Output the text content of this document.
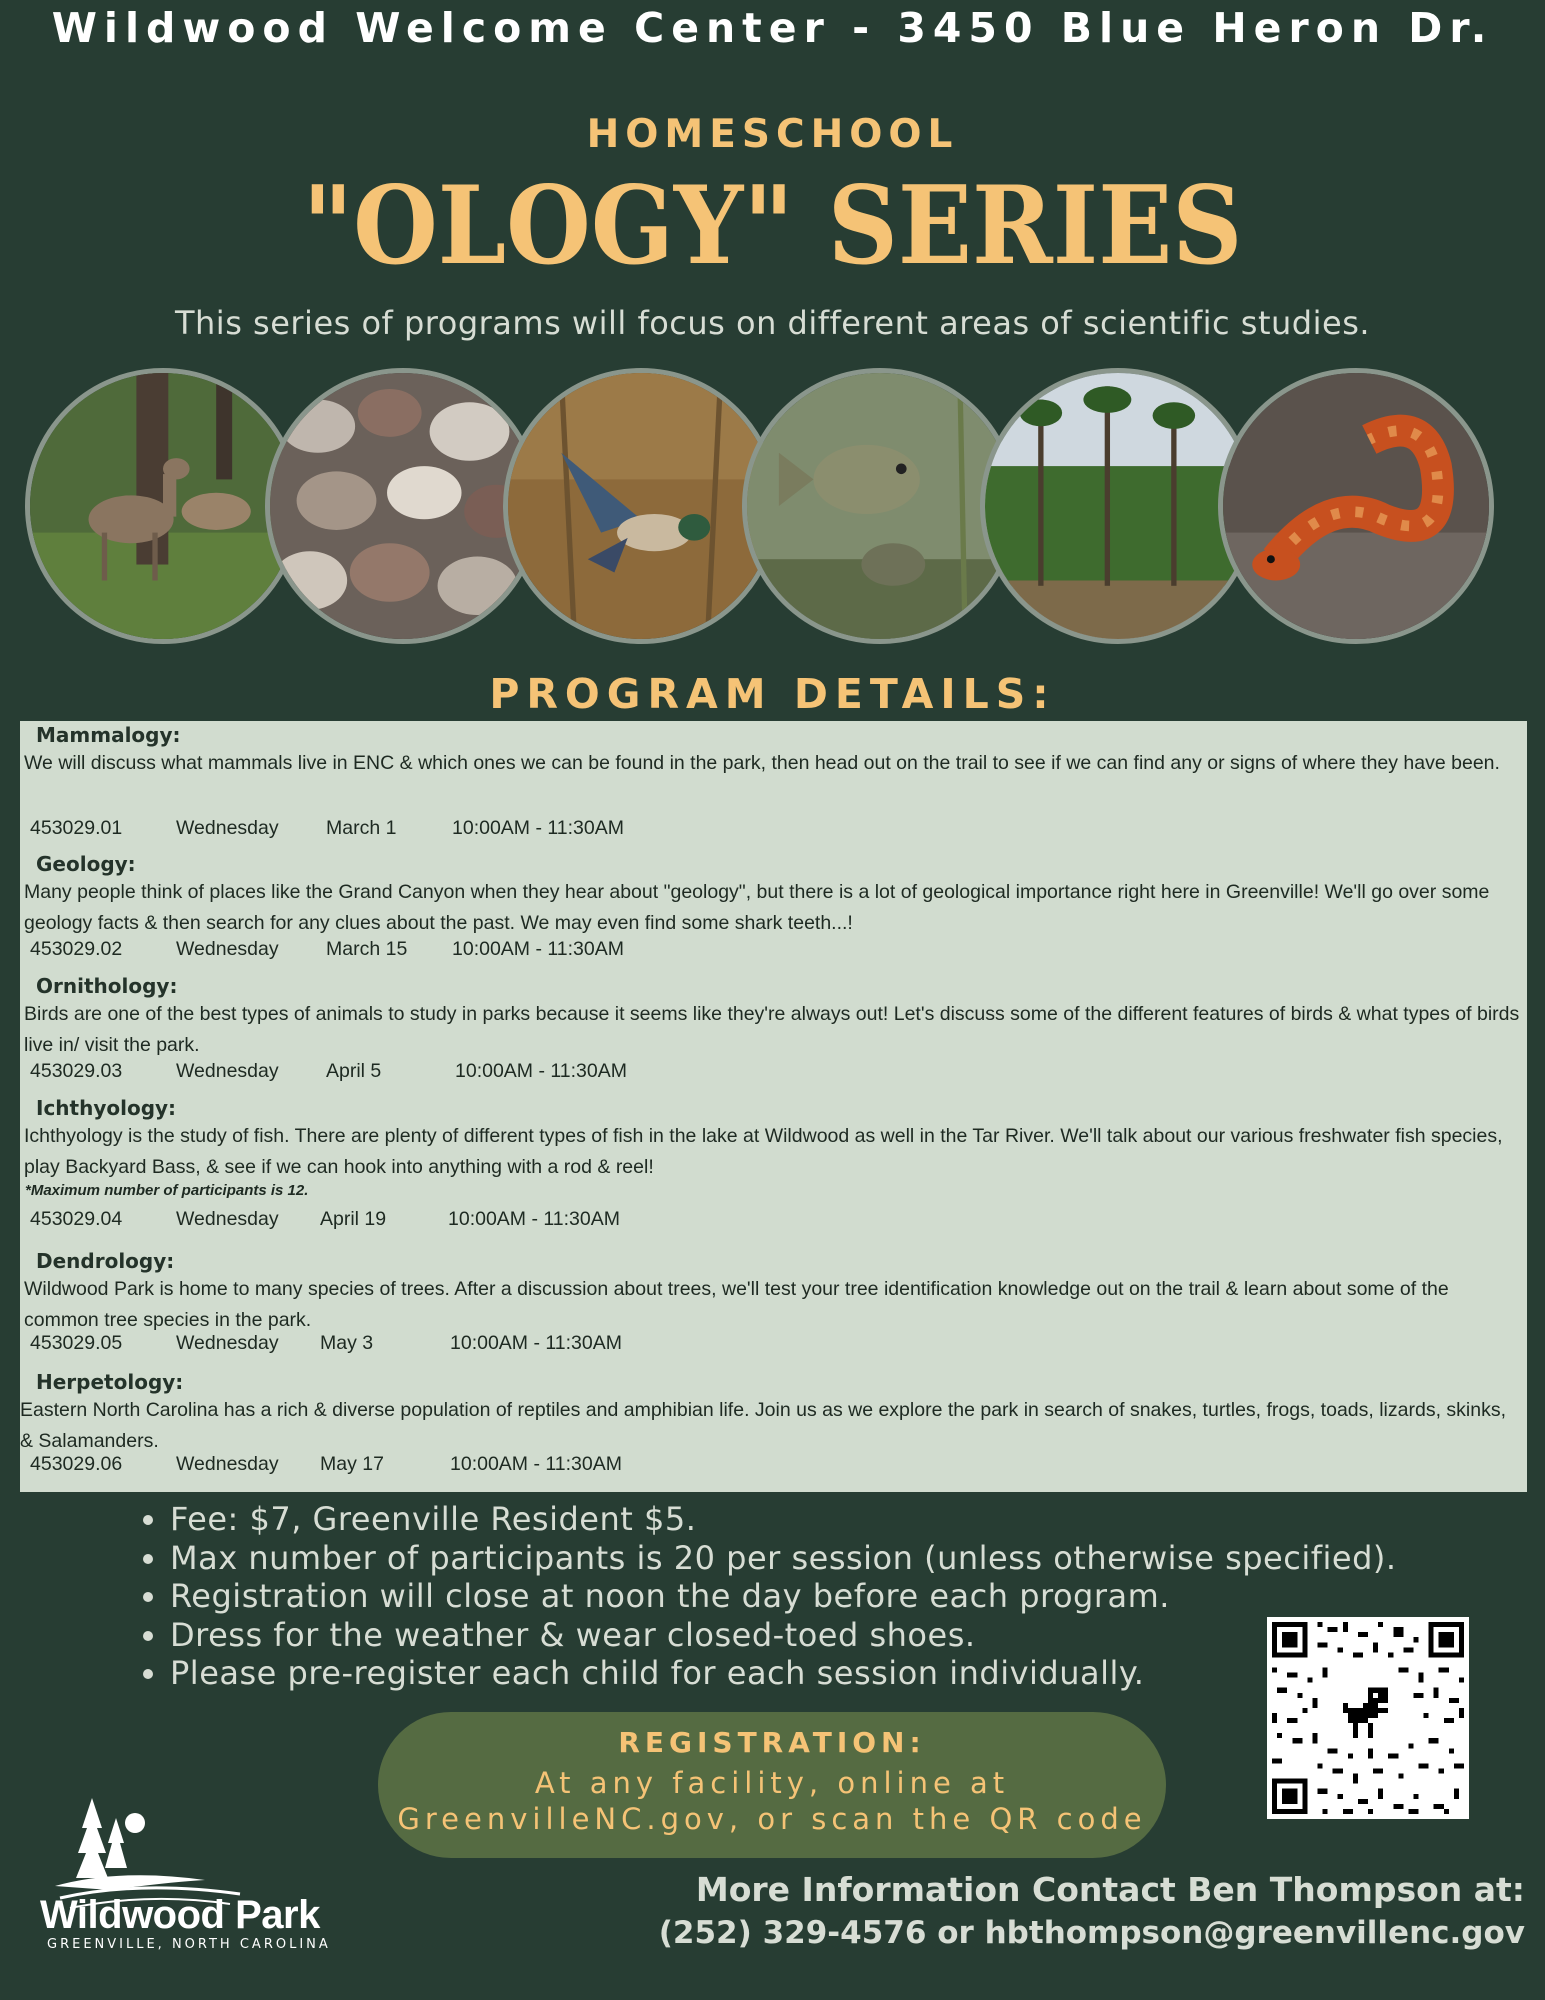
Wildwood Welcome Center - 3450 Blue Heron Dr.
HOMESCHOOL
"OLOGY" SERIES
This series of programs will focus on different areas of scientific studies.
PROGRAM DETAILS:
Mammalogy:
We will discuss what mammals live in ENC & which ones we can be found in the park, then head out on the trail to see if we can find any or signs of where they have been.
453029.01	Wednesday March 1	10:00AM - 11:30AM
Geology:
Many people think of places like the Grand Canyon when they hear about "geology", but there is a lot of geological importance right here in Greenville! We'll go over some geology facts & then search for any clues about the past. We may even find some shark teeth...!
453029.02	Wednesday March 15 10:00AM - 11:30AM
Ornithology:
Birds are one of the best types of animals to study in parks because it seems like they're always out! Let's discuss some of the different features of birds & what types of birds live in/ visit the park.
453029.03	Wednesday April 5	10:00AM - 11:30AM
Ichthyology:
Ichthyology is the study of fish. There are plenty of different types of fish in the lake at Wildwood as well in the Tar River. We'll talk about our various freshwater fish species, play Backyard Bass, & see if we can hook into anything with a rod & reel!
*Maximum number of participants is 12.
453029.04	Wednesday April 19	10:00AM - 11:30AM
Dendrology:
Wildwood Park is home to many species of trees. After a discussion about trees, we'll test your tree identification knowledge out on the trail & learn about some of the common tree species in the park.
453029.05	Wednesday May 3	10:00AM - 11:30AM
Herpetology:
Eastern North Carolina has a rich & diverse population of reptiles and amphibian life. Join us as we explore the park in search of snakes, turtles, frogs, toads, lizards, skinks, & Salamanders.
453029.06	Wednesday May 17	10:00AM - 11:30AM
• Fee: $7, Greenville Resident $5.
• Max number of participants is 20 per session (unless otherwise specified).
• Registration will close at noon the day before each program.
• Dress for the weather & wear closed-toed shoes.
• Please pre-register each child for each session individually.
REGISTRATION:
At any facility, online at
GreenvilleNC.gov, or scan the QR code
Wildwood Park
GREENVILLE, NORTH CAROLINA
More Information Contact Ben Thompson at:
(252) 329-4576 or hbthompson@greenvillenc.gov
